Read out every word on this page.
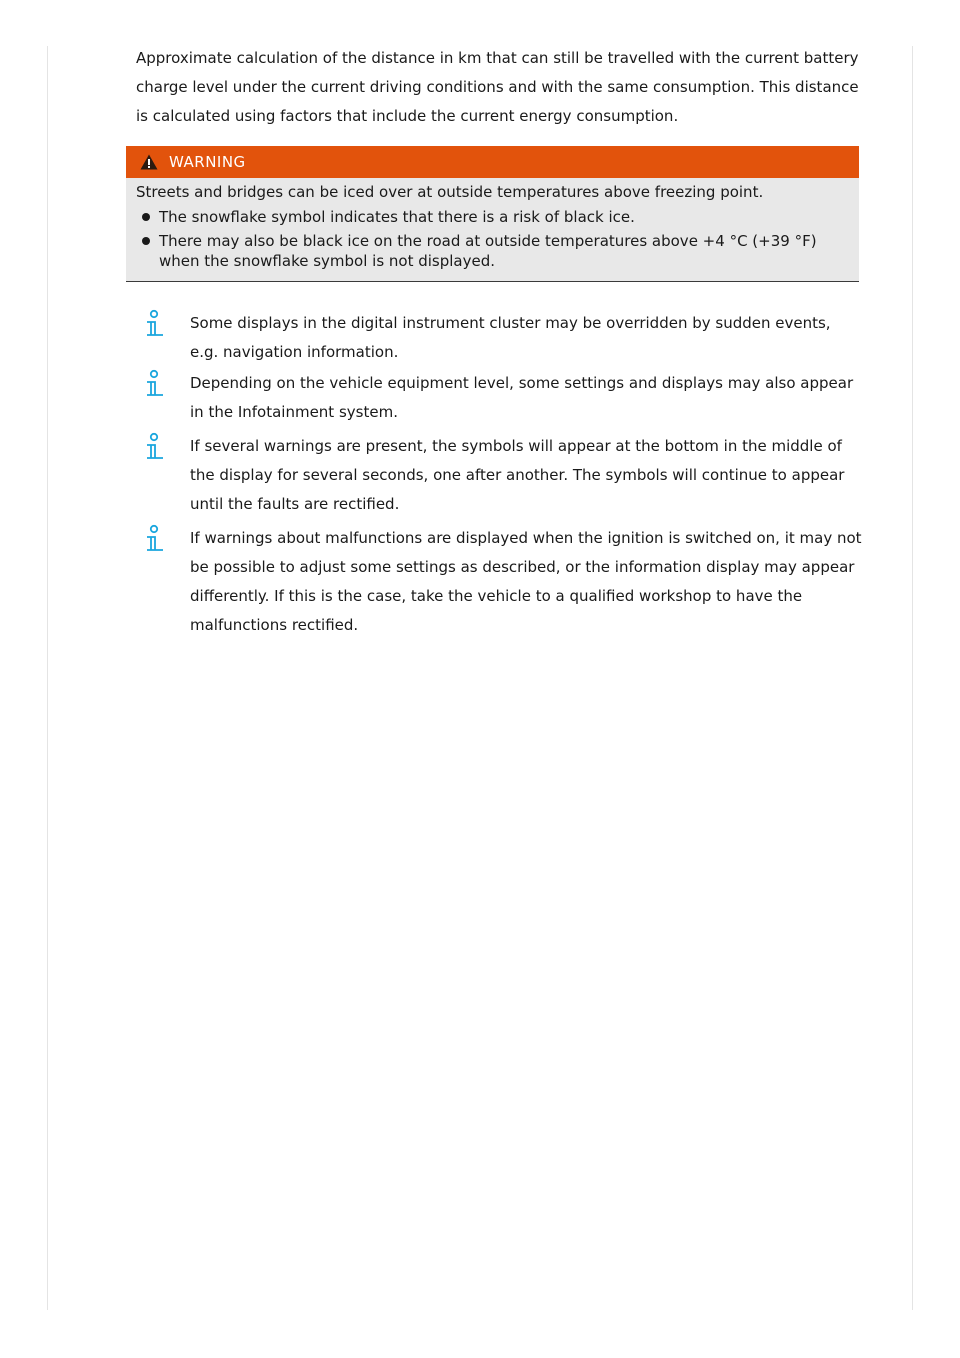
Approximate calculation of the distance in km that can still be travelled with the current battery charge level under the current driving conditions and with the same consumption. This distance is calculated using factors that include the current energy consumption.

WARNING

Streets and bridges can be iced over at outside temperatures above freezing point.

The snowflake symbol indicates that there is a risk of black ice.
There may also be black ice on the road at outside temperatures above +4 °C (+39 °F) when the snowflake symbol is not displayed.

Some displays in the digital instrument cluster may be overridden by sudden events, e.g. navigation information.

Depending on the vehicle equipment level, some settings and displays may also appear in the Infotainment system.

If several warnings are present, the symbols will appear at the bottom in the middle of the display for several seconds, one after another. The symbols will continue to appear until the faults are rectified.

If warnings about malfunctions are displayed when the ignition is switched on, it may not be possible to adjust some settings as described, or the information display may appear differently. If this is the case, take the vehicle to a qualified workshop to have the malfunctions rectified.
